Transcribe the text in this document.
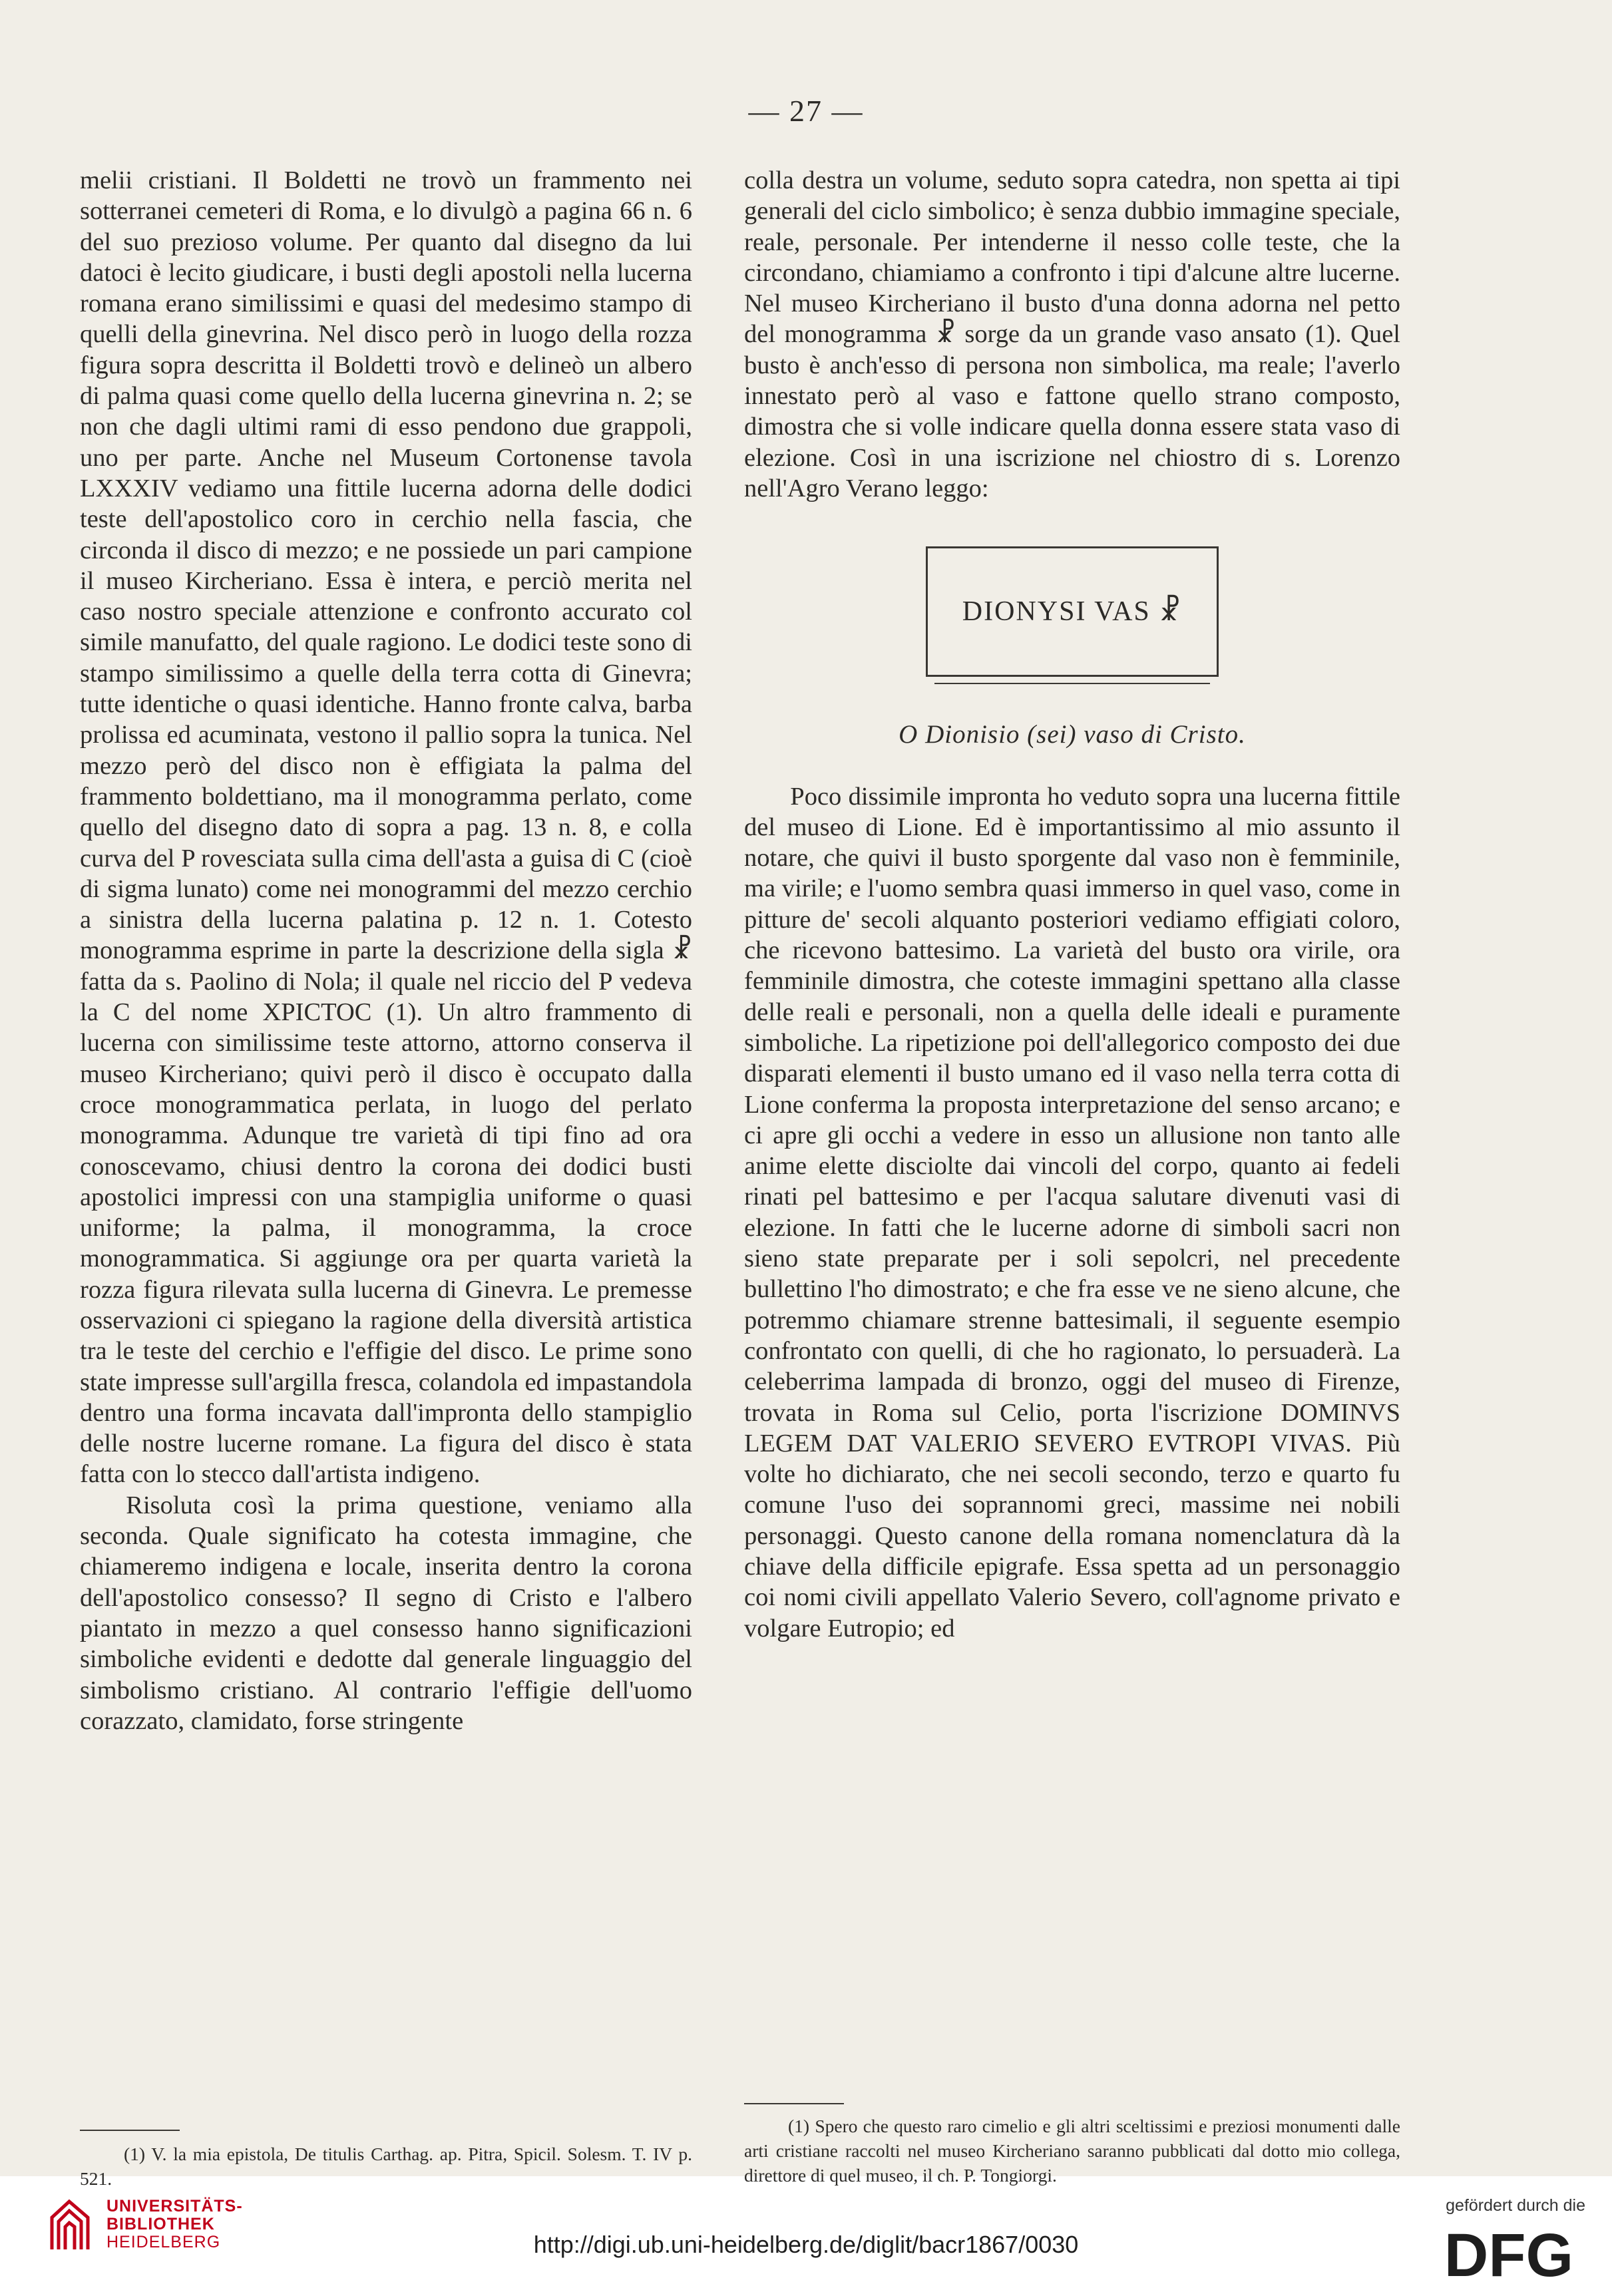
— 27 —

melii cristiani. Il Boldetti ne trovò un frammento nei sotterranei cemeteri di Roma, e lo divulgò a pagina 66 n. 6 del suo prezioso volume. Per quanto dal disegno da lui datoci è lecito giudicare, i busti degli apostoli nella lucerna romana erano similissimi e quasi del medesimo stampo di quelli della ginevrina. Nel disco però in luogo della rozza figura sopra descritta il Boldetti trovò e delineò un albero di palma quasi come quello della lucerna ginevrina n. 2; se non che dagli ultimi rami di esso pendono due grappoli, uno per parte. Anche nel Museum Cortonense tavola LXXXIV vediamo una fittile lucerna adorna delle dodici teste dell'apostolico coro in cerchio nella fascia, che circonda il disco di mezzo; e ne possiede un pari campione il museo Kircheriano. Essa è intera, e perciò merita nel caso nostro speciale attenzione e confronto accurato col simile manufatto, del quale ragiono. Le dodici teste sono di stampo similissimo a quelle della terra cotta di Ginevra; tutte identiche o quasi identiche. Hanno fronte calva, barba prolissa ed acuminata, vestono il pallio sopra la tunica. Nel mezzo però del disco non è effigiata la palma del frammento boldettiano, ma il monogramma perlato, come quello del disegno dato di sopra a pag. 13 n. 8, e colla curva del P rovesciata sulla cima dell'asta a guisa di C (cioè di sigma lunato) come nei monogrammi del mezzo cerchio a sinistra della lucerna palatina p. 12 n. 1. Cotesto monogramma esprime in parte la descrizione della sigla ☧ fatta da s. Paolino di Nola; il quale nel riccio del P vedeva la C del nome XPICTOC (1). Un altro frammento di lucerna con similissime teste attorno, attorno conserva il museo Kircheriano; quivi però il disco è occupato dalla croce monogrammatica perlata, in luogo del perlato monogramma. Adunque tre varietà di tipi fino ad ora conoscevamo, chiusi dentro la corona dei dodici busti apostolici impressi con una stampiglia uniforme o quasi uniforme; la palma, il monogramma, la croce monogrammatica. Si aggiunge ora per quarta varietà la rozza figura rilevata sulla lucerna di Ginevra. Le premesse osservazioni ci spiegano la ragione della diversità artistica tra le teste del cerchio e l'effigie del disco. Le prime sono state impresse sull'argilla fresca, colandola ed impastandola dentro una forma incavata dall'impronta dello stampiglio delle nostre lucerne romane. La figura del disco è stata fatta con lo stecco dall'artista indigeno.

Risoluta così la prima questione, veniamo alla seconda. Quale significato ha cotesta immagine, che chiameremo indigena e locale, inserita dentro la corona dell'apostolico consesso? Il segno di Cristo e l'albero piantato in mezzo a quel consesso hanno significazioni simboliche evidenti e dedotte dal generale linguaggio del simbolismo cristiano. Al contrario l'effigie dell'uomo corazzato, clamidato, forse stringente

colla destra un volume, seduto sopra catedra, non spetta ai tipi generali del ciclo simbolico; è senza dubbio immagine speciale, reale, personale. Per intenderne il nesso colle teste, che la circondano, chiamiamo a confronto i tipi d'alcune altre lucerne. Nel museo Kircheriano il busto d'una donna adorna nel petto del monogramma ☧ sorge da un grande vaso ansato (1). Quel busto è anch'esso di persona non simbolica, ma reale; l'averlo innestato però al vaso e fattone quello strano composto, dimostra che si volle indicare quella donna essere stata vaso di elezione. Così in una iscrizione nel chiostro di s. Lorenzo nell'Agro Verano leggo:

DIONYSI VAS ☧
O Dionisio (sei) vaso di Cristo.

Poco dissimile impronta ho veduto sopra una lucerna fittile del museo di Lione. Ed è importantissimo al mio assunto il notare, che quivi il busto sporgente dal vaso non è femminile, ma virile; e l'uomo sembra quasi immerso in quel vaso, come in pitture de' secoli alquanto posteriori vediamo effigiati coloro, che ricevono battesimo. La varietà del busto ora virile, ora femminile dimostra, che coteste immagini spettano alla classe delle reali e personali, non a quella delle ideali e puramente simboliche. La ripetizione poi dell'allegorico composto dei due disparati elementi il busto umano ed il vaso nella terra cotta di Lione conferma la proposta interpretazione del senso arcano; e ci apre gli occhi a vedere in esso un allusione non tanto alle anime elette disciolte dai vincoli del corpo, quanto ai fedeli rinati pel battesimo e per l'acqua salutare divenuti vasi di elezione. In fatti che le lucerne adorne di simboli sacri non sieno state preparate per i soli sepolcri, nel precedente bullettino l'ho dimostrato; e che fra esse ve ne sieno alcune, che potremmo chiamare strenne battesimali, il seguente esempio confrontato con quelli, di che ho ragionato, lo persuaderà. La celeberrima lampada di bronzo, oggi del museo di Firenze, trovata in Roma sul Celio, porta l'iscrizione DOMINVS LEGEM DAT VALERIO SEVERO EVTROPI VIVAS. Più volte ho dichiarato, che nei secoli secondo, terzo e quarto fu comune l'uso dei soprannomi greci, massime nei nobili personaggi. Questo canone della romana nomenclatura dà la chiave della difficile epigrafe. Essa spetta ad un personaggio coi nomi civili appellato Valerio Severo, coll'agnome privato e volgare Eutropio; ed

(1) V. la mia epistola, De titulis Carthag. ap. Pitra, Spicil. Solesm. T. IV p. 521.

(1) Spero che questo raro cimelio e gli altri sceltissimi e preziosi monumenti dalle arti cristiane raccolti nel museo Kircheriano saranno pubblicati dal dotto mio collega, direttore di quel museo, il ch. P. Tongiorgi.

UNIVERSITÄTS-
BIBLIOTHEK
HEIDELBERG	http://digi.ub.uni-heidelberg.de/diglit/bacr1867/0030
gefördert durch die
DFG
